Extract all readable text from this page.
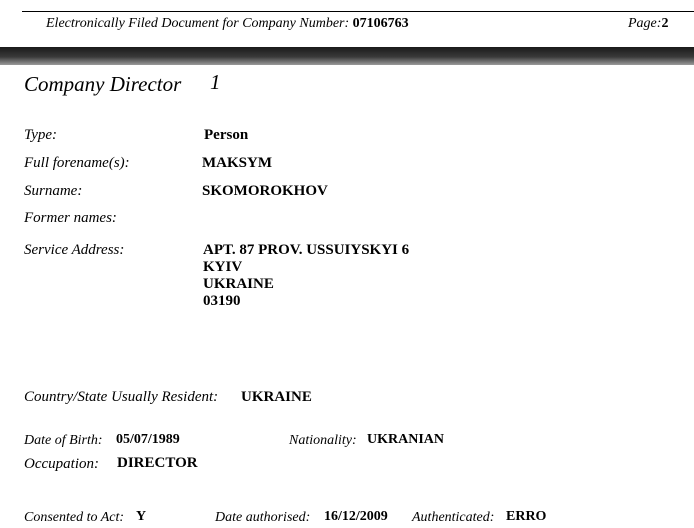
Electronically Filed Document for Company Number: 07106763	Page:2
Company Director 1
Type:	Person
Full forename(s):	MAKSYM
Surname:	SKOMOROKHOV
Former names:
Service Address:	APT. 87 PROV. USSUIYSKYI 6
KYIV
UKRAINE
03190
Country/State Usually Resident: UKRAINE
Date of Birth: 05/07/1989	Nationality: UKRANIAN
Occupation: DIRECTOR
Consented to Act: Y	Date authorised: 16/12/2009 Authenticated: ERRO
